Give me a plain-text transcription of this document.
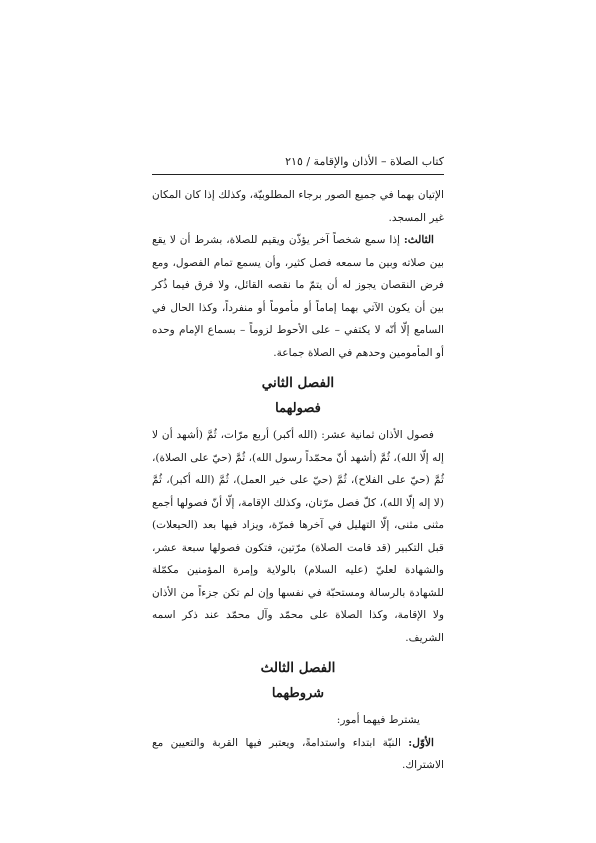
كتاب الصلاة – الأذان والإقامة / ٢١٥

الإتيان بهما في جميع الصور برجاء المطلوبيّة، وكذلك إذا كان المكان غير المسجد.

الثالث: إذا سمع شخصاً آخر يؤذّن ويقيم للصلاة، بشرط أن لا يقع بين صلاته وبين ما سمعه فصل كثير، وأن يسمع تمام الفصول، ومع فرض النقصان يجوز له أن يتمّ ما نقصه القائل، ولا فرق فيما ذُكر بين أن يكون الآتي بهما إماماً أو مأموماً أو منفرداً، وكذا الحال في السامع إلّا أنّه لا يكتفي – على الأحوط لزوماً – بسماع الإمام وحده أو المأمومين وحدهم في الصلاة جماعة.

الفصل الثاني
فصولهما

فصول الأذان ثمانية عشر: (الله أكبر) أربع مرّات، ثُمَّ (أشهد أن لا إله إلّا الله)، ثُمَّ (أشهد أنّ محمّداً رسول الله)، ثُمَّ (حيّ على الصلاة)، ثُمَّ (حيّ على الفلاح)، ثُمَّ (حيّ على خير العمل)، ثُمَّ (الله أكبر)، ثُمَّ (لا إله إلّا الله)، كلّ فصل مرّتان، وكذلك الإقامة، إلّا أنّ فصولها أجمع مثنى مثنى، إلّا التهليل في آخرها فمرّة، ويزاد فيها بعد (الحيعلات) قبل التكبير (قد قامت الصلاة) مرّتين، فتكون فصولها سبعة عشر، والشهادة لعليّ (عليه السلام) بالولاية وإمرة المؤمنين مكمّلة للشهادة بالرسالة ومستحبّة في نفسها وإن لم تكن جزءاً من الأذان ولا الإقامة، وكذا الصلاة على محمّد وآل محمّد عند ذكر اسمه الشريف.

الفصل الثالث
شروطهما

يشترط فيهما أمور:

الأوّل: النيّة ابتداء واستدامةً، ويعتبر فيها القربة والتعيين مع الاشتراك.
